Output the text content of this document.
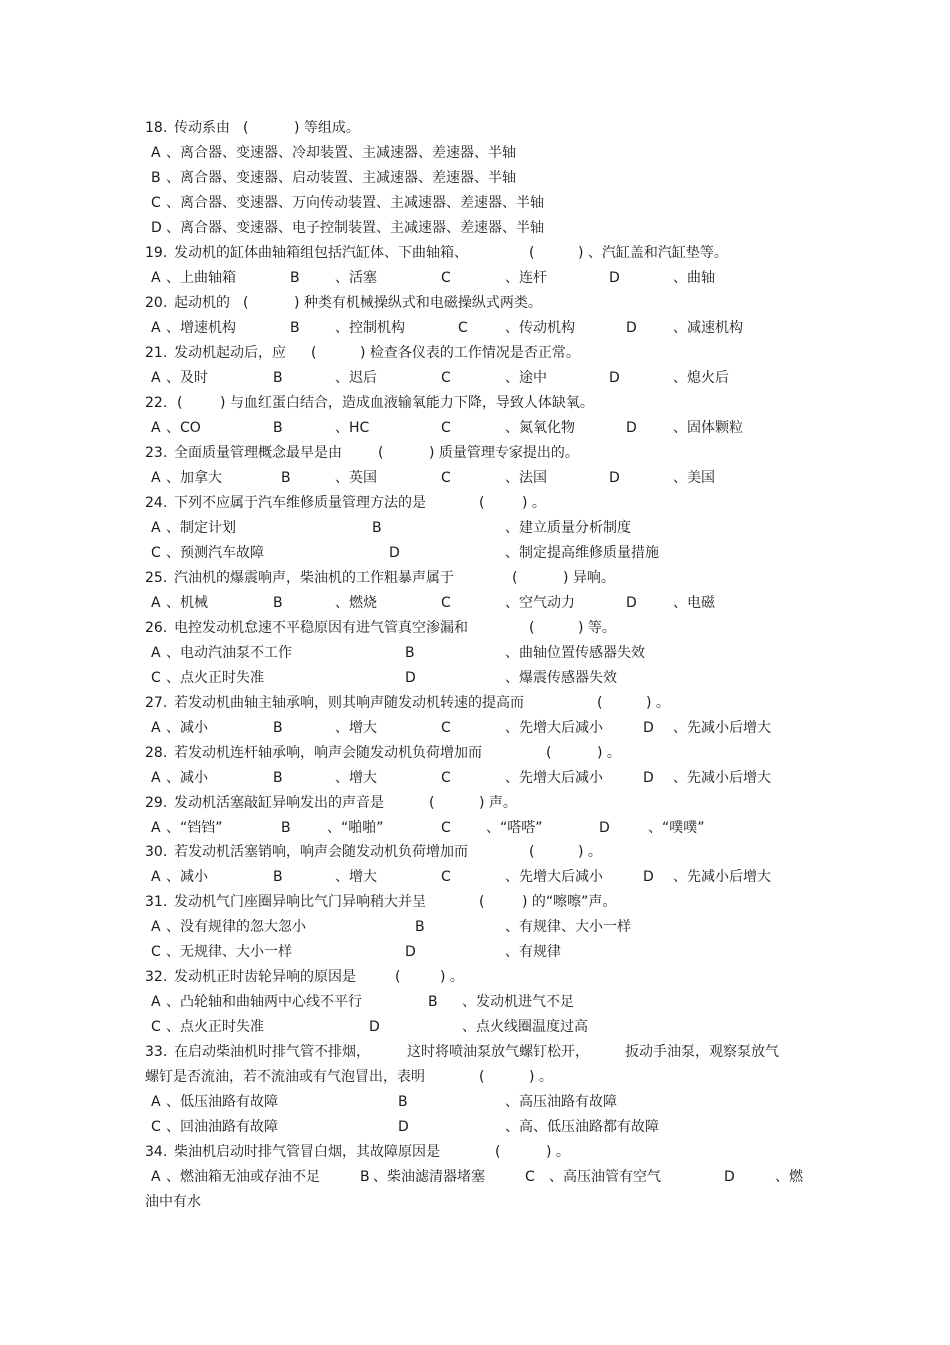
18. 传动系由 (	) 等组成。
A 、离合器、变速器、冷却装置、主减速器、差速器、半轴
B 、离合器、变速器、启动装置、主减速器、差速器、半轴
C 、离合器、变速器、万向传动装置、主减速器、差速器、半轴
D 、离合器、变速器、电子控制装置、主减速器、差速器、半轴
19. 发动机的缸体曲轴箱组包括汽缸体、下曲轴箱、	(	) 、汽缸盖和汽缸垫等。
A 、上曲轴箱	B	、活塞	C	、连杆	D	、曲轴
20. 起动机的 (	) 种类有机械操纵式和电磁操纵式两类。
A 、增速机构	B	、控制机构	C	、传动机构	D	、减速机构
21. 发动机起动后，应 (	) 检查各仪表的工作情况是否正常。
A 、及时	B	、迟后	C	、途中	D	、熄火后
22. (	) 与血红蛋白结合，造成血液输氧能力下降，导致人体缺氧。
A 、CO	B	、HC	C	、氮氧化物	D	、固体颗粒
23. 全面质量管理概念最早是由	(	) 质量管理专家提出的。
A 、加拿大	B	、英国	C	、法国	D	、美国
24. 下列不应属于汽车维修质量管理方法的是	(	) 。
A 、制定计划	B	、建立质量分析制度
C 、预测汽车故障	D	、制定提高维修质量措施
25. 汽油机的爆震响声，柴油机的工作粗暴声属于	(	) 异响。
A 、机械	B	、燃烧	C	、空气动力	D	、电磁
26. 电控发动机怠速不平稳原因有进气管真空渗漏和	(	) 等。
A 、电动汽油泵不工作	B	、曲轴位置传感器失效
C 、点火正时失准	D	、爆震传感器失效
27. 若发动机曲轴主轴承响，则其响声随发动机转速的提高而	(	) 。
A 、减小	B	、增大	C	、先增大后减小	D 、先减小后增大
28. 若发动机连杆轴承响，响声会随发动机负荷增加而	(	) 。
A 、减小	B	、增大	C	、先增大后减小	D 、先减小后增大
29. 发动机活塞敲缸异响发出的声音是	(	) 声。
A 、“铛铛”	B	、“啪啪”	C	、“嗒嗒”	D	、“噗噗”
30. 若发动机活塞销响，响声会随发动机负荷增加而	(	) 。
A 、减小	B	、增大	C	、先增大后减小	D 、先减小后增大
31. 发动机气门座圈异响比气门异响稍大并呈	(	) 的“嚓嚓”声。
A 、没有规律的忽大忽小	B	、有规律、大小一样
C 、无规律、大小一样	D	、有规律
32. 发动机正时齿轮异响的原因是	(	) 。
A 、凸轮轴和曲轴两中心线不平行	B 、发动机进气不足
C 、点火正时失准	D	、点火线圈温度过高
33. 在启动柴油机时排气管不排烟，	这时将喷油泵放气螺钉松开，	扳动手油泵，观察泵放气
螺钉是否流油，若不流油或有气泡冒出，表明	(	) 。
A 、低压油路有故障	B	、高压油路有故障
C 、回油油路有故障	D	、高、低压油路都有故障
34. 柴油机启动时排气管冒白烟，其故障原因是	(	) 。
A 、燃油箱无油或存油不足	B 、柴油滤清器堵塞	C 、高压油管有空气	D	、燃
油中有水
